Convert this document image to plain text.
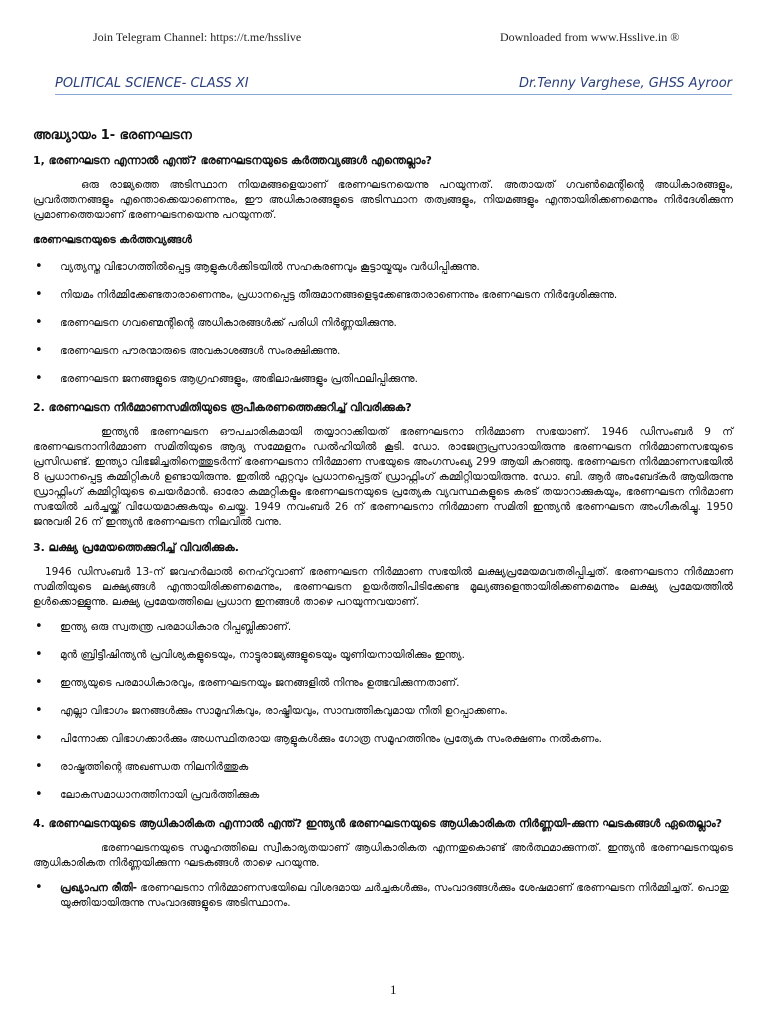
Join Telegram Channel: https://t.me/hsslive	Downloaded from www.Hsslive.in ®
POLITICAL SCIENCE- CLASS XI	Dr.Tenny Varghese, GHSS Ayroor
അദ്ധ്യായം 1- ഭരണഘടന
1, ഭരണഘടന എന്നാൽ എന്ത്? ഭരണഘടനയുടെ കർത്തവ്യങ്ങൾ എന്തെല്ലാം?

ഒരു രാജ്യത്തെ അടിസ്ഥാന നിയമങ്ങളെയാണ് ഭരണഘടനയെന്നു പറയുന്നത്. അതായത് ഗവൺമെന്റിന്റെ അധികാരങ്ങളും, പ്രവർത്തനങ്ങളും എന്തൊക്കെയാണെന്നും, ഈ അധികാരങ്ങളുടെ അടിസ്ഥാന തത്വങ്ങളും, നിയമങ്ങളും എന്തായിരിക്കണമെന്നും നിർദേശിക്കുന്ന പ്രമാണത്തെയാണ് ഭരണഘടനയെന്നു പറയുന്നത്.

ഭരണഘടനയുടെ കർത്തവ്യങ്ങൾ
• വ്യത്യസ്ത വിഭാഗത്തിൽപ്പെട്ട ആളുകൾക്കിടയിൽ സഹകരണവും കൂട്ടായ്മയും വർധിപ്പിക്കുന്നു.
• നിയമം നിർമ്മിക്കേണ്ടതാരാണെന്നും, പ്രധാനപ്പെട്ട തീരുമാനങ്ങളെടുക്കേണ്ടതാരാണെന്നും ഭരണഘടന നിർദ്ദേശിക്കുന്നു.
• ഭരണഘടന ഗവണ്മെന്റിന്റെ അധികാരങ്ങൾക്ക് പരിധി നിർണ്ണയിക്കുന്നു.
• ഭരണഘടന പൗരന്മാരുടെ അവകാശങ്ങൾ സംരക്ഷിക്കുന്നു.
• ഭരണഘടന ജനങ്ങളുടെ ആഗ്രഹങ്ങളും, അഭിലാഷങ്ങളും പ്രതിഫലിപ്പിക്കുന്നു.
2. ഭരണഘടന നിർമ്മാണസമിതിയുടെ രൂപീകരണത്തെക്കുറിച്ച് വിവരിക്കുക?

ഇന്ത്യൻ ഭരണഘടന ഔപചാരികമായി തയ്യാറാക്കിയത് ഭരണഘടനാ നിർമ്മാണ സഭയാണ്. 1946 ഡിസംബർ 9 ന് ഭരണഘടനാനിർമ്മാണ സമിതിയുടെ ആദ്യ സമ്മേളനം ഡൽഹിയിൽ കൂടി. ഡോ. രാജേന്ദ്രപ്രസാദായിരുന്നു ഭരണഘടന നിർമ്മാണസഭയുടെ പ്രസിഡണ്ട്. ഇന്ത്യാ വിഭജിച്ചതിനെത്തുടർന്ന് ഭരണഘടനാ നിർമ്മാണ സഭയുടെ അംഗസംഖ്യ 299 ആയി കുറഞ്ഞു. ഭരണഘടന നിർമ്മാണസഭയിൽ 8 പ്രധാനപ്പെട്ട കമ്മിറ്റികൾ ഉണ്ടായിരുന്നു. ഇതിൽ ഏറ്റവും പ്രധാനപ്പെട്ടത് ഡ്രാഫ്റ്റിംഗ് കമ്മിറ്റിയായിരുന്നു. ഡോ. ബി. ആർ അംബേദ്കർ ആയിരുന്നു ഡ്രാഫ്റ്റിംഗ് കമ്മിറ്റിയുടെ ചെയർമാൻ. ഓരോ കമ്മറ്റികളും ഭരണഘടനയുടെ പ്രത്യേക വ്യവസ്ഥകളുടെ കരട് തയാറാക്കുകയും, ഭരണഘടന നിർമാണ സഭയിൽ ചർച്ചയ്ക്ക് വിധേയമാക്കുകയും ചെയ്തു. 1949 നവംബർ 26 ന് ഭരണഘടനാ നിർമ്മാണ സമിതി ഇന്ത്യൻ ഭരണഘടന അംഗീകരിച്ചു. 1950 ജനുവരി 26 ന് ഇന്ത്യൻ ഭരണഘടന നിലവിൽ വന്നു.

3. ലക്ഷ്യ പ്രമേയത്തെക്കുറിച്ച് വിവരിക്കുക.

1946 ഡിസംബർ 13-ന് ജവഹർലാൽ നെഹ്റുവാണ് ഭരണഘടന നിർമ്മാണ സഭയിൽ ലക്ഷ്യപ്രമേയമവതരിപ്പിച്ചത്. ഭരണഘടനാ നിർമ്മാണ സമിതിയുടെ ലക്ഷ്യങ്ങൾ എന്തായിരിക്കണമെന്നും, ഭരണഘടന ഉയർത്തിപിടിക്കേണ്ട മൂല്യങ്ങളെന്തായിരിക്കണമെന്നും ലക്ഷ്യ പ്രമേയത്തിൽ ഉൾക്കൊള്ളുന്നു. ലക്ഷ്യ പ്രമേയത്തിലെ പ്രധാന ഇനങ്ങൾ താഴെ പറയുന്നവയാണ്.

• ഇന്ത്യ ഒരു സ്വതന്ത്ര പരമാധികാര റിപ്പബ്ലിക്കാണ്.
• മുൻ ബ്രിട്ടീഷിന്ത്യൻ പ്രവിശ്യകളുടെയും, നാട്ടുരാജ്യങ്ങളുടെയും യൂണിയനായിരിക്കും ഇന്ത്യ.
• ഇന്ത്യയുടെ പരമാധികാരവും, ഭരണഘടനയും ജനങ്ങളിൽ നിന്നും ഉത്ഭവിക്കുന്നതാണ്.
• എല്ലാ വിഭാഗം ജനങ്ങൾക്കും സാമൂഹികവും, രാഷ്ട്രീയവും, സാമ്പത്തികവുമായ നീതി ഉറപ്പാക്കണം.
• പിന്നോക്ക വിഭാഗക്കാർക്കും അധസ്ഥിതരായ ആളുകൾക്കും ഗോത്ര സമൂഹത്തിനും പ്രത്യേക സംരക്ഷണം നൽകണം.
• രാഷ്ട്രത്തിന്റെ അഖണ്ഡത നിലനിർത്തുക
• ലോകസമാധാനത്തിനായി പ്രവർത്തിക്കുക
4. ഭരണഘടനയുടെ ആധികാരികത എന്നാൽ എന്ത്? ഇന്ത്യൻ ഭരണഘടനയുടെ ആധികാരികത നിർണ്ണയി-ക്കുന്ന ഘടകങ്ങൾ ഏതെല്ലാം?

ഭരണഘടനയുടെ സമൂഹത്തിലെ സ്വീകാര്യതയാണ് ആധികാരികത എന്നതുകൊണ്ട് അർത്ഥമാക്കുന്നത്. ഇന്ത്യൻ ഭരണഘടനയുടെ ആധികാരികത നിർണ്ണയിക്കുന്ന ഘടകങ്ങൾ താഴെ പറയുന്നു.

• പ്രഖ്യാപന രീതി- ഭരണഘടനാ നിർമ്മാണസഭയിലെ വിശദമായ ചർച്ചകൾക്കും, സംവാദങ്ങൾക്കും ശേഷമാണ് ഭരണഘടന നിർമ്മിച്ചത്. പൊതു യുക്തിയായിരുന്നു സംവാദങ്ങളുടെ അടിസ്ഥാനം.
1
